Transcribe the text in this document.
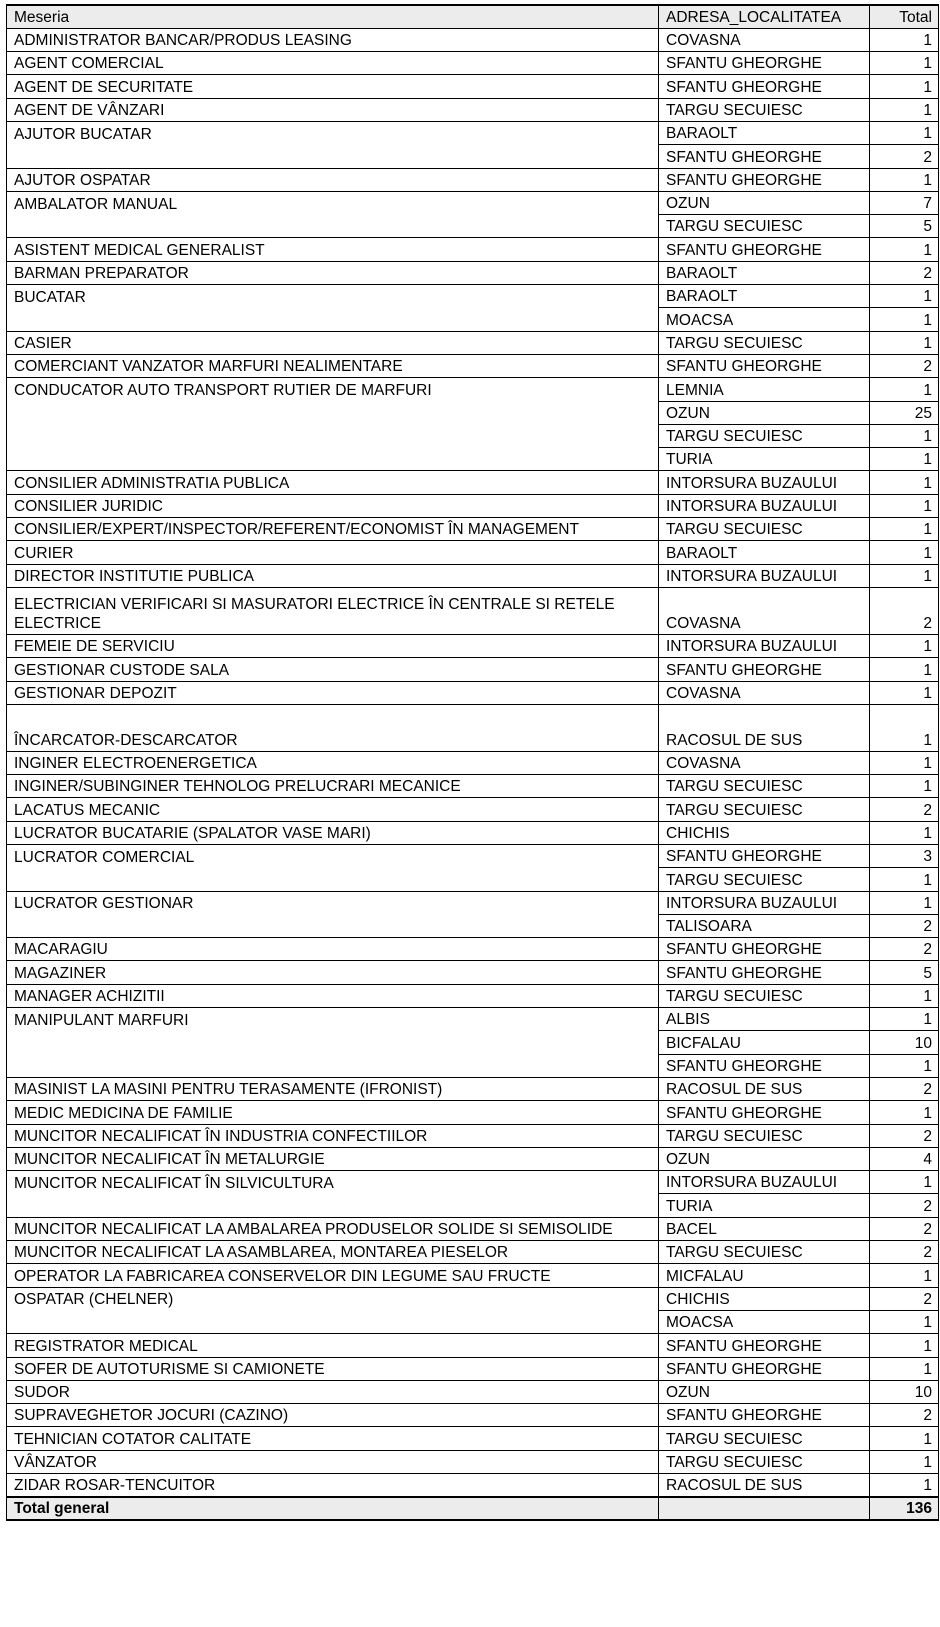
Meseria	ADRESA_LOCALITATEA	Total
ADMINISTRATOR BANCAR/PRODUS LEASING	COVASNA	1
AGENT COMERCIAL	SFANTU GHEORGHE	1
AGENT DE SECURITATE	SFANTU GHEORGHE	1
AGENT DE VÂNZARI	TARGU SECUIESC	1
AJUTOR BUCATAR	BARAOLT	1
	SFANTU GHEORGHE	2
AJUTOR OSPATAR	SFANTU GHEORGHE	1
AMBALATOR MANUAL	OZUN	7
	TARGU SECUIESC	5
ASISTENT MEDICAL GENERALIST	SFANTU GHEORGHE	1
BARMAN PREPARATOR	BARAOLT	2
BUCATAR	BARAOLT	1
	MOACSA	1
CASIER	TARGU SECUIESC	1
COMERCIANT VANZATOR MARFURI NEALIMENTARE	SFANTU GHEORGHE	2
CONDUCATOR AUTO TRANSPORT RUTIER DE MARFURI	LEMNIA	1
	OZUN	25
	TARGU SECUIESC	1
	TURIA	1
CONSILIER ADMINISTRATIA PUBLICA	INTORSURA BUZAULUI	1
CONSILIER JURIDIC	INTORSURA BUZAULUI	1
CONSILIER/EXPERT/INSPECTOR/REFERENT/ECONOMIST ÎN MANAGEMENT	TARGU SECUIESC	1
CURIER	BARAOLT	1
DIRECTOR INSTITUTIE PUBLICA	INTORSURA BUZAULUI	1
ELECTRICIAN VERIFICARI SI MASURATORI ELECTRICE ÎN CENTRALE SI RETELE ELECTRICE	COVASNA	2
FEMEIE DE SERVICIU	INTORSURA BUZAULUI	1
GESTIONAR CUSTODE SALA	SFANTU GHEORGHE	1
GESTIONAR DEPOZIT	COVASNA	1
ÎNCARCATOR-DESCARCATOR	RACOSUL DE SUS	1
INGINER ELECTROENERGETICA	COVASNA	1
INGINER/SUBINGINER TEHNOLOG PRELUCRARI MECANICE	TARGU SECUIESC	1
LACATUS MECANIC	TARGU SECUIESC	2
LUCRATOR BUCATARIE (SPALATOR VASE MARI)	CHICHIS	1
LUCRATOR COMERCIAL	SFANTU GHEORGHE	3
	TARGU SECUIESC	1
LUCRATOR GESTIONAR	INTORSURA BUZAULUI	1
	TALISOARA	2
MACARAGIU	SFANTU GHEORGHE	2
MAGAZINER	SFANTU GHEORGHE	5
MANAGER ACHIZITII	TARGU SECUIESC	1
MANIPULANT MARFURI	ALBIS	1
	BICFALAU	10
	SFANTU GHEORGHE	1
MASINIST LA MASINI PENTRU TERASAMENTE (IFRONIST)	RACOSUL DE SUS	2
MEDIC MEDICINA DE FAMILIE	SFANTU GHEORGHE	1
MUNCITOR NECALIFICAT ÎN INDUSTRIA CONFECTIILOR	TARGU SECUIESC	2
MUNCITOR NECALIFICAT ÎN METALURGIE	OZUN	4
MUNCITOR NECALIFICAT ÎN SILVICULTURA	INTORSURA BUZAULUI	1
	TURIA	2
MUNCITOR NECALIFICAT LA AMBALAREA PRODUSELOR SOLIDE SI SEMISOLIDE	BACEL	2
MUNCITOR NECALIFICAT LA ASAMBLAREA, MONTAREA PIESELOR	TARGU SECUIESC	2
OPERATOR LA FABRICAREA CONSERVELOR DIN LEGUME SAU FRUCTE	MICFALAU	1
OSPATAR (CHELNER)	CHICHIS	2
	MOACSA	1
REGISTRATOR MEDICAL	SFANTU GHEORGHE	1
SOFER DE AUTOTURISME SI CAMIONETE	SFANTU GHEORGHE	1
SUDOR	OZUN	10
SUPRAVEGHETOR JOCURI (CAZINO)	SFANTU GHEORGHE	2
TEHNICIAN COTATOR CALITATE	TARGU SECUIESC	1
VÂNZATOR	TARGU SECUIESC	1
ZIDAR ROSAR-TENCUITOR	RACOSUL DE SUS	1
Total general		136
